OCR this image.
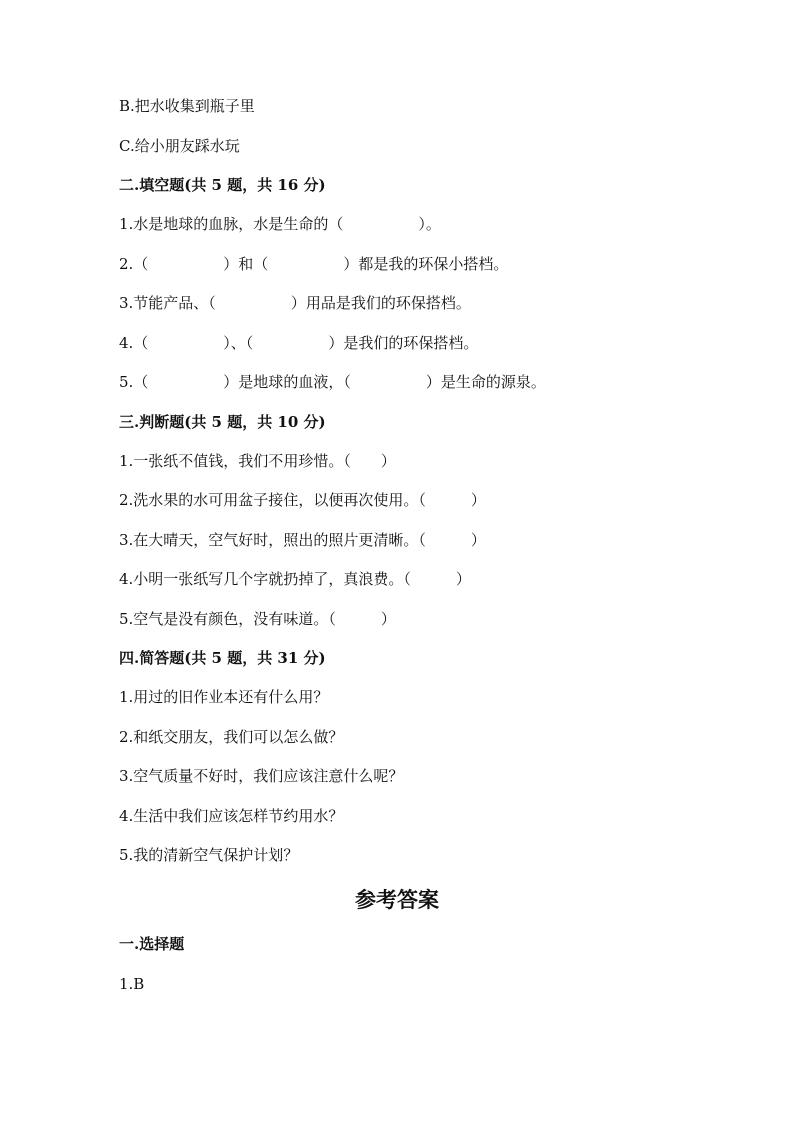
B.把水收集到瓶子里
C.给小朋友踩水玩
二.填空题(共 5 题，共 16 分)
1.水是地球的血脉，水是生命的（　　　　　）。
2.（　　　　　）和（　　　　　）都是我的环保小搭档。
3.节能产品、（　　　　　）用品是我们的环保搭档。
4.（　　　　　）、（　　　　　）是我们的环保搭档。
5.（　　　　　）是地球的血液，（　　　　　）是生命的源泉。
三.判断题(共 5 题，共 10 分)
1.一张纸不值钱，我们不用珍惜。（　　）
2.洗水果的水可用盆子接住，以便再次使用。（　　　）
3.在大晴天，空气好时，照出的照片更清晰。（　　　）
4.小明一张纸写几个字就扔掉了，真浪费。（　　　）
5.空气是没有颜色，没有味道。（　　　）
四.简答题(共 5 题，共 31 分)
1.用过的旧作业本还有什么用？
2.和纸交朋友，我们可以怎么做？
3.空气质量不好时，我们应该注意什么呢？
4.生活中我们应该怎样节约用水？
5.我的清新空气保护计划？
参考答案
一.选择题
1.B
